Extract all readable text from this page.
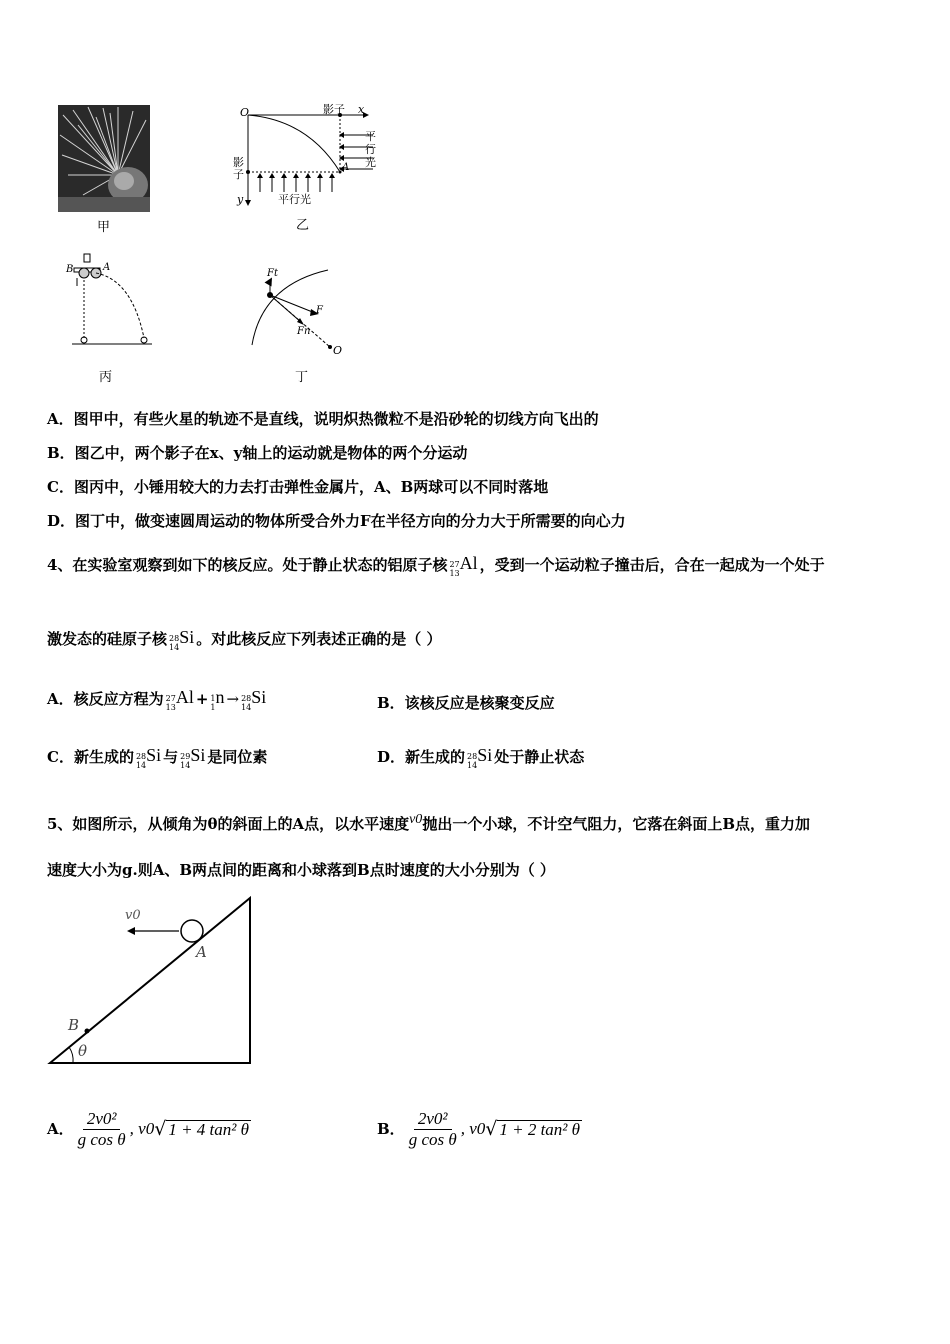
甲
O	x
y
影子
影子
平行光
平行光
A
乙
B	A
丙
Ft
F
Fn
O
丁
A．图甲中，有些火星的轨迹不是直线，说明炽热微粒不是沿砂轮的切线方向飞出的
B．图乙中，两个影子在x、y轴上的运动就是物体的两个分运动
C．图丙中，小锤用较大的力去打击弹性金属片，A、B两球可以不同时落地
D．图丁中，做变速圆周运动的物体所受合外力F在半径方向的分力大于所需要的向心力
4、在实验室观察到如下的核反应。处于静止状态的铝原子核 27
13
Al ，受到一个运动粒子撞击后，合在一起成为一个处于
激发态的硅原子核 28
14
Si 。对此核反应下列表述正确的是（ ）
A．核反应方程为 27
13
Al + 1
1
n → 28
14
Si	B．该核反应是核聚变反应
C．新生成的 28
14
Si 与 29
14
Si 是同位素	D．新生成的 28
14
Si 处于静止状态
5、如图所示，从倾角为θ的斜面上的A点，以水平速度v0抛出一个小球，不计空气阻力，它落在斜面上B点，重力加
速度大小为g.则A、B两点间的距离和小球落到B点时速度的大小分别为（ ）
v0
A
B
θ
A． $\frac{\text{2v0²}}{\text{g cos θ}}$ , v0 √ 1 + 4 tan² θ	B． $\frac{\text{2v0²}}{\text{g cos θ}}$ , v0 √ 1 + 2 tan² θ
